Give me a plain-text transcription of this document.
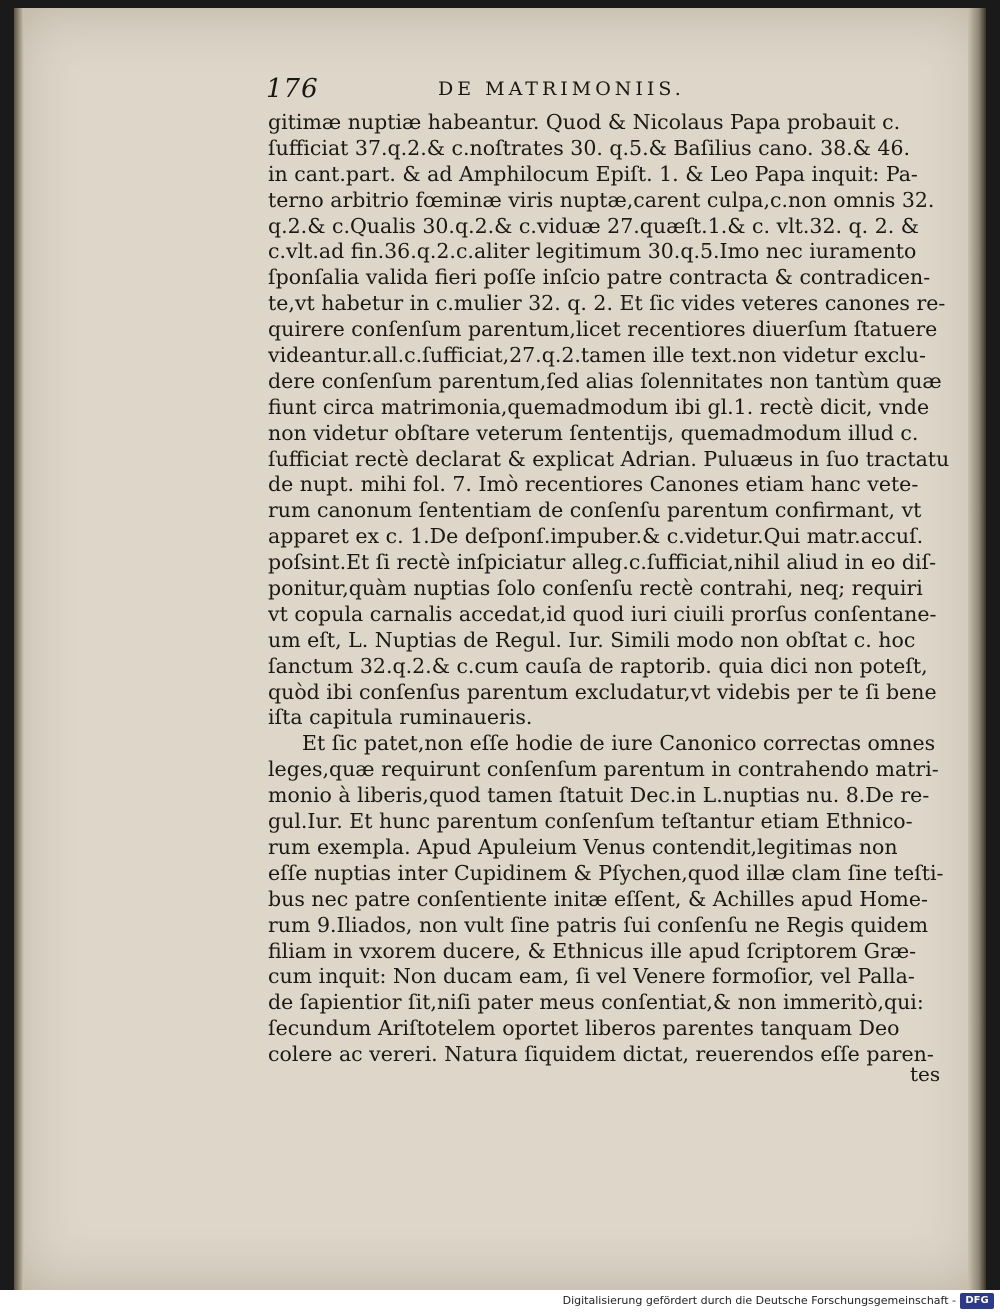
176	DE MATRIMONIIS.
gitimæ nuptiæ habeantur. Quod & Nicolaus Papa probauit c.
ſufficiat 37.q.2.& c.noſtrates 30. q.5.& Baſilius cano. 38.& 46.
in cant.part. & ad Amphilocum Epiſt. 1. & Leo Papa inquit: Pa-
terno arbitrio fœminæ viris nuptæ,carent culpa,c.non omnis 32.
q.2.& c.Qualis 30.q.2.& c.viduæ 27.quæſt.1.& c. vlt.32. q. 2. &
c.vlt.ad fin.36.q.2.c.aliter legitimum 30.q.5.Imo nec iuramento
ſponſalia valida fieri poſſe inſcio patre contracta & contradicen-
te,vt habetur in c.mulier 32. q. 2. Et ſic vides veteres canones re-
quirere conſenſum parentum,licet recentiores diuerſum ſtatuere
videantur.all.c.ſufficiat,27.q.2.tamen ille text.non videtur exclu-
dere conſenſum parentum,ſed alias ſolennitates non tantùm quæ
fiunt circa matrimonia,quemadmodum ibi gl.1. rectè dicit, vnde
non videtur obſtare veterum ſententijs, quemadmodum illud c.
ſufficiat rectè declarat & explicat Adrian. Puluæus in ſuo tractatu
de nupt. mihi fol. 7. Imò recentiores Canones etiam hanc vete-
rum canonum ſententiam de conſenſu parentum confirmant, vt
apparet ex c. 1.De deſponſ.impuber.& c.videtur.Qui matr.accuſ.
poſsint.Et ſi rectè inſpiciatur alleg.c.ſufficiat,nihil aliud in eo diſ-
ponitur,quàm nuptias ſolo conſenſu rectè contrahi, neq; requiri
vt copula carnalis accedat,id quod iuri ciuili prorſus conſentane-
um eſt, L. Nuptias de Regul. Iur. Simili modo non obſtat c. hoc
ſanctum 32.q.2.& c.cum cauſa de raptorib. quia dici non poteſt,
quòd ibi conſenſus parentum excludatur,vt videbis per te ſi bene
iſta capitula ruminaueris.
Et ſic patet,non eſſe hodie de iure Canonico correctas omnes
leges,quæ requirunt conſenſum parentum in contrahendo matri-
monio à liberis,quod tamen ſtatuit Dec.in L.nuptias nu. 8.De re-
gul.Iur. Et hunc parentum conſenſum teſtantur etiam Ethnico-
rum exempla. Apud Apuleium Venus contendit,legitimas non
eſſe nuptias inter Cupidinem & Pſychen,quod illæ clam ſine teſti-
bus nec patre conſentiente initæ eſſent, & Achilles apud Home-
rum 9.Iliados, non vult ſine patris ſui conſenſu ne Regis quidem
filiam in vxorem ducere, & Ethnicus ille apud ſcriptorem Græ-
cum inquit: Non ducam eam, ſi vel Venere formoſior, vel Palla-
de ſapientior ſit,niſi pater meus conſentiat,& non immeritò,qui:
ſecundum Ariſtotelem oportet liberos parentes tanquam Deo
colere ac vereri. Natura ſiquidem dictat, reuerendos eſſe paren-
tes
Digitalisierung gefördert durch die Deutsche Forschungsgemeinschaft - DFG
